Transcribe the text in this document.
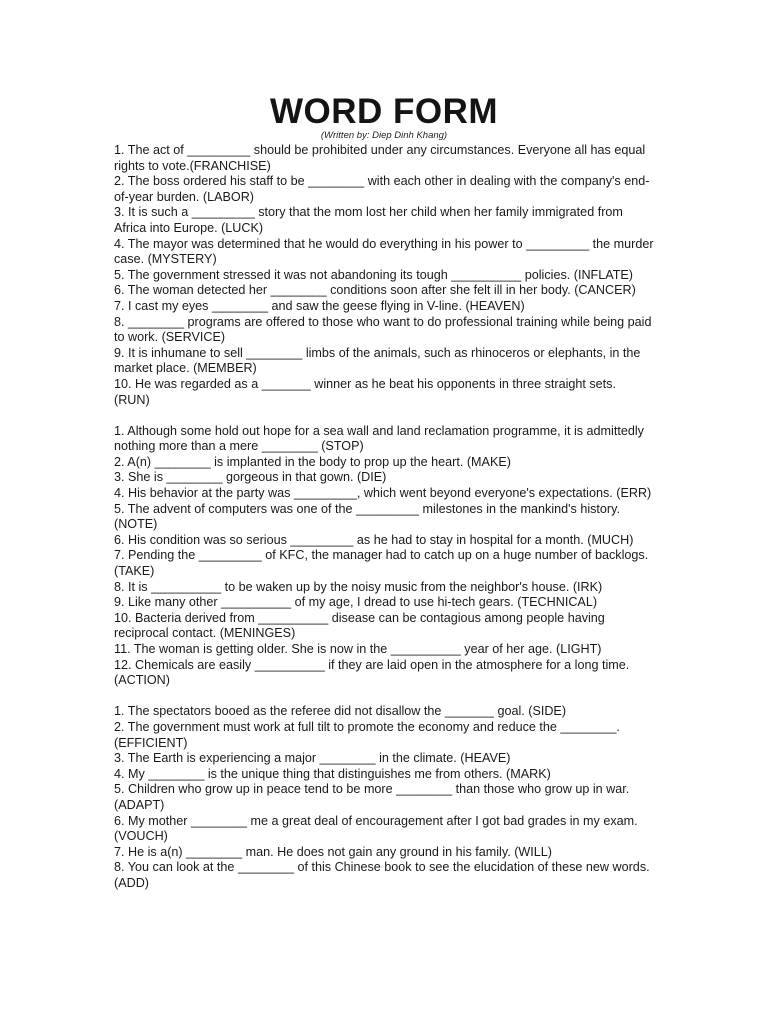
WORD FORM
(Written by: Diep Dinh Khang)
1. The act of _________ should be prohibited under any circumstances. Everyone all has equal rights to vote.(FRANCHISE)
2. The boss ordered his staff to be ________ with each other in dealing with the company's end-of-year burden. (LABOR)
3. It is such a _________ story that the mom lost her child when her family immigrated from Africa into Europe. (LUCK)
4. The mayor was determined that he would do everything in his power to _________ the murder case. (MYSTERY)
5. The government stressed it was not abandoning its tough __________ policies. (INFLATE)
6. The woman detected her ________ conditions soon after she felt ill in her body. (CANCER)
7. I cast my eyes ________ and saw the geese flying in V-line. (HEAVEN)
8. ________ programs are offered to those who want to do professional training while being paid to work. (SERVICE)
9. It is inhumane to sell ________ limbs of the animals, such as rhinoceros or elephants, in the market place. (MEMBER)
10. He was regarded as a _______ winner as he beat his opponents in three straight sets. (RUN)
1. Although some hold out hope for a sea wall and land reclamation programme, it is admittedly nothing more than a mere ________ (STOP)
2. A(n) ________ is implanted in the body to prop up the heart. (MAKE)
3. She is ________ gorgeous in that gown. (DIE)
4. His behavior at the party was _________, which went beyond everyone's expectations. (ERR)
5. The advent of computers was one of the _________ milestones in the mankind's history. (NOTE)
6. His condition was so serious _________ as he had to stay in hospital for a month. (MUCH)
7. Pending the _________ of KFC, the manager had to catch up on a huge number of backlogs. (TAKE)
8. It is __________ to be waken up by the noisy music from the neighbor's house. (IRK)
9. Like many other __________ of my age, I dread to use hi-tech gears. (TECHNICAL)
10. Bacteria derived from __________ disease can be contagious among people having reciprocal contact. (MENINGES)
11. The woman is getting older. She is now in the __________ year of her age. (LIGHT)
12. Chemicals are easily __________ if they are laid open in the atmosphere for a long time. (ACTION)
1. The spectators booed as the referee did not disallow the _______ goal. (SIDE)
2. The government must work at full tilt to promote the economy and reduce the ________. (EFFICIENT)
3. The Earth is experiencing a major ________ in the climate. (HEAVE)
4. My ________ is the unique thing that distinguishes me from others. (MARK)
5. Children who grow up in peace tend to be more ________ than those who grow up in war. (ADAPT)
6. My mother ________ me a great deal of encouragement after I got bad grades in my exam. (VOUCH)
7. He is a(n) ________ man. He does not gain any ground in his family. (WILL)
8. You can look at the ________ of this Chinese book to see the elucidation of these new words. (ADD)
